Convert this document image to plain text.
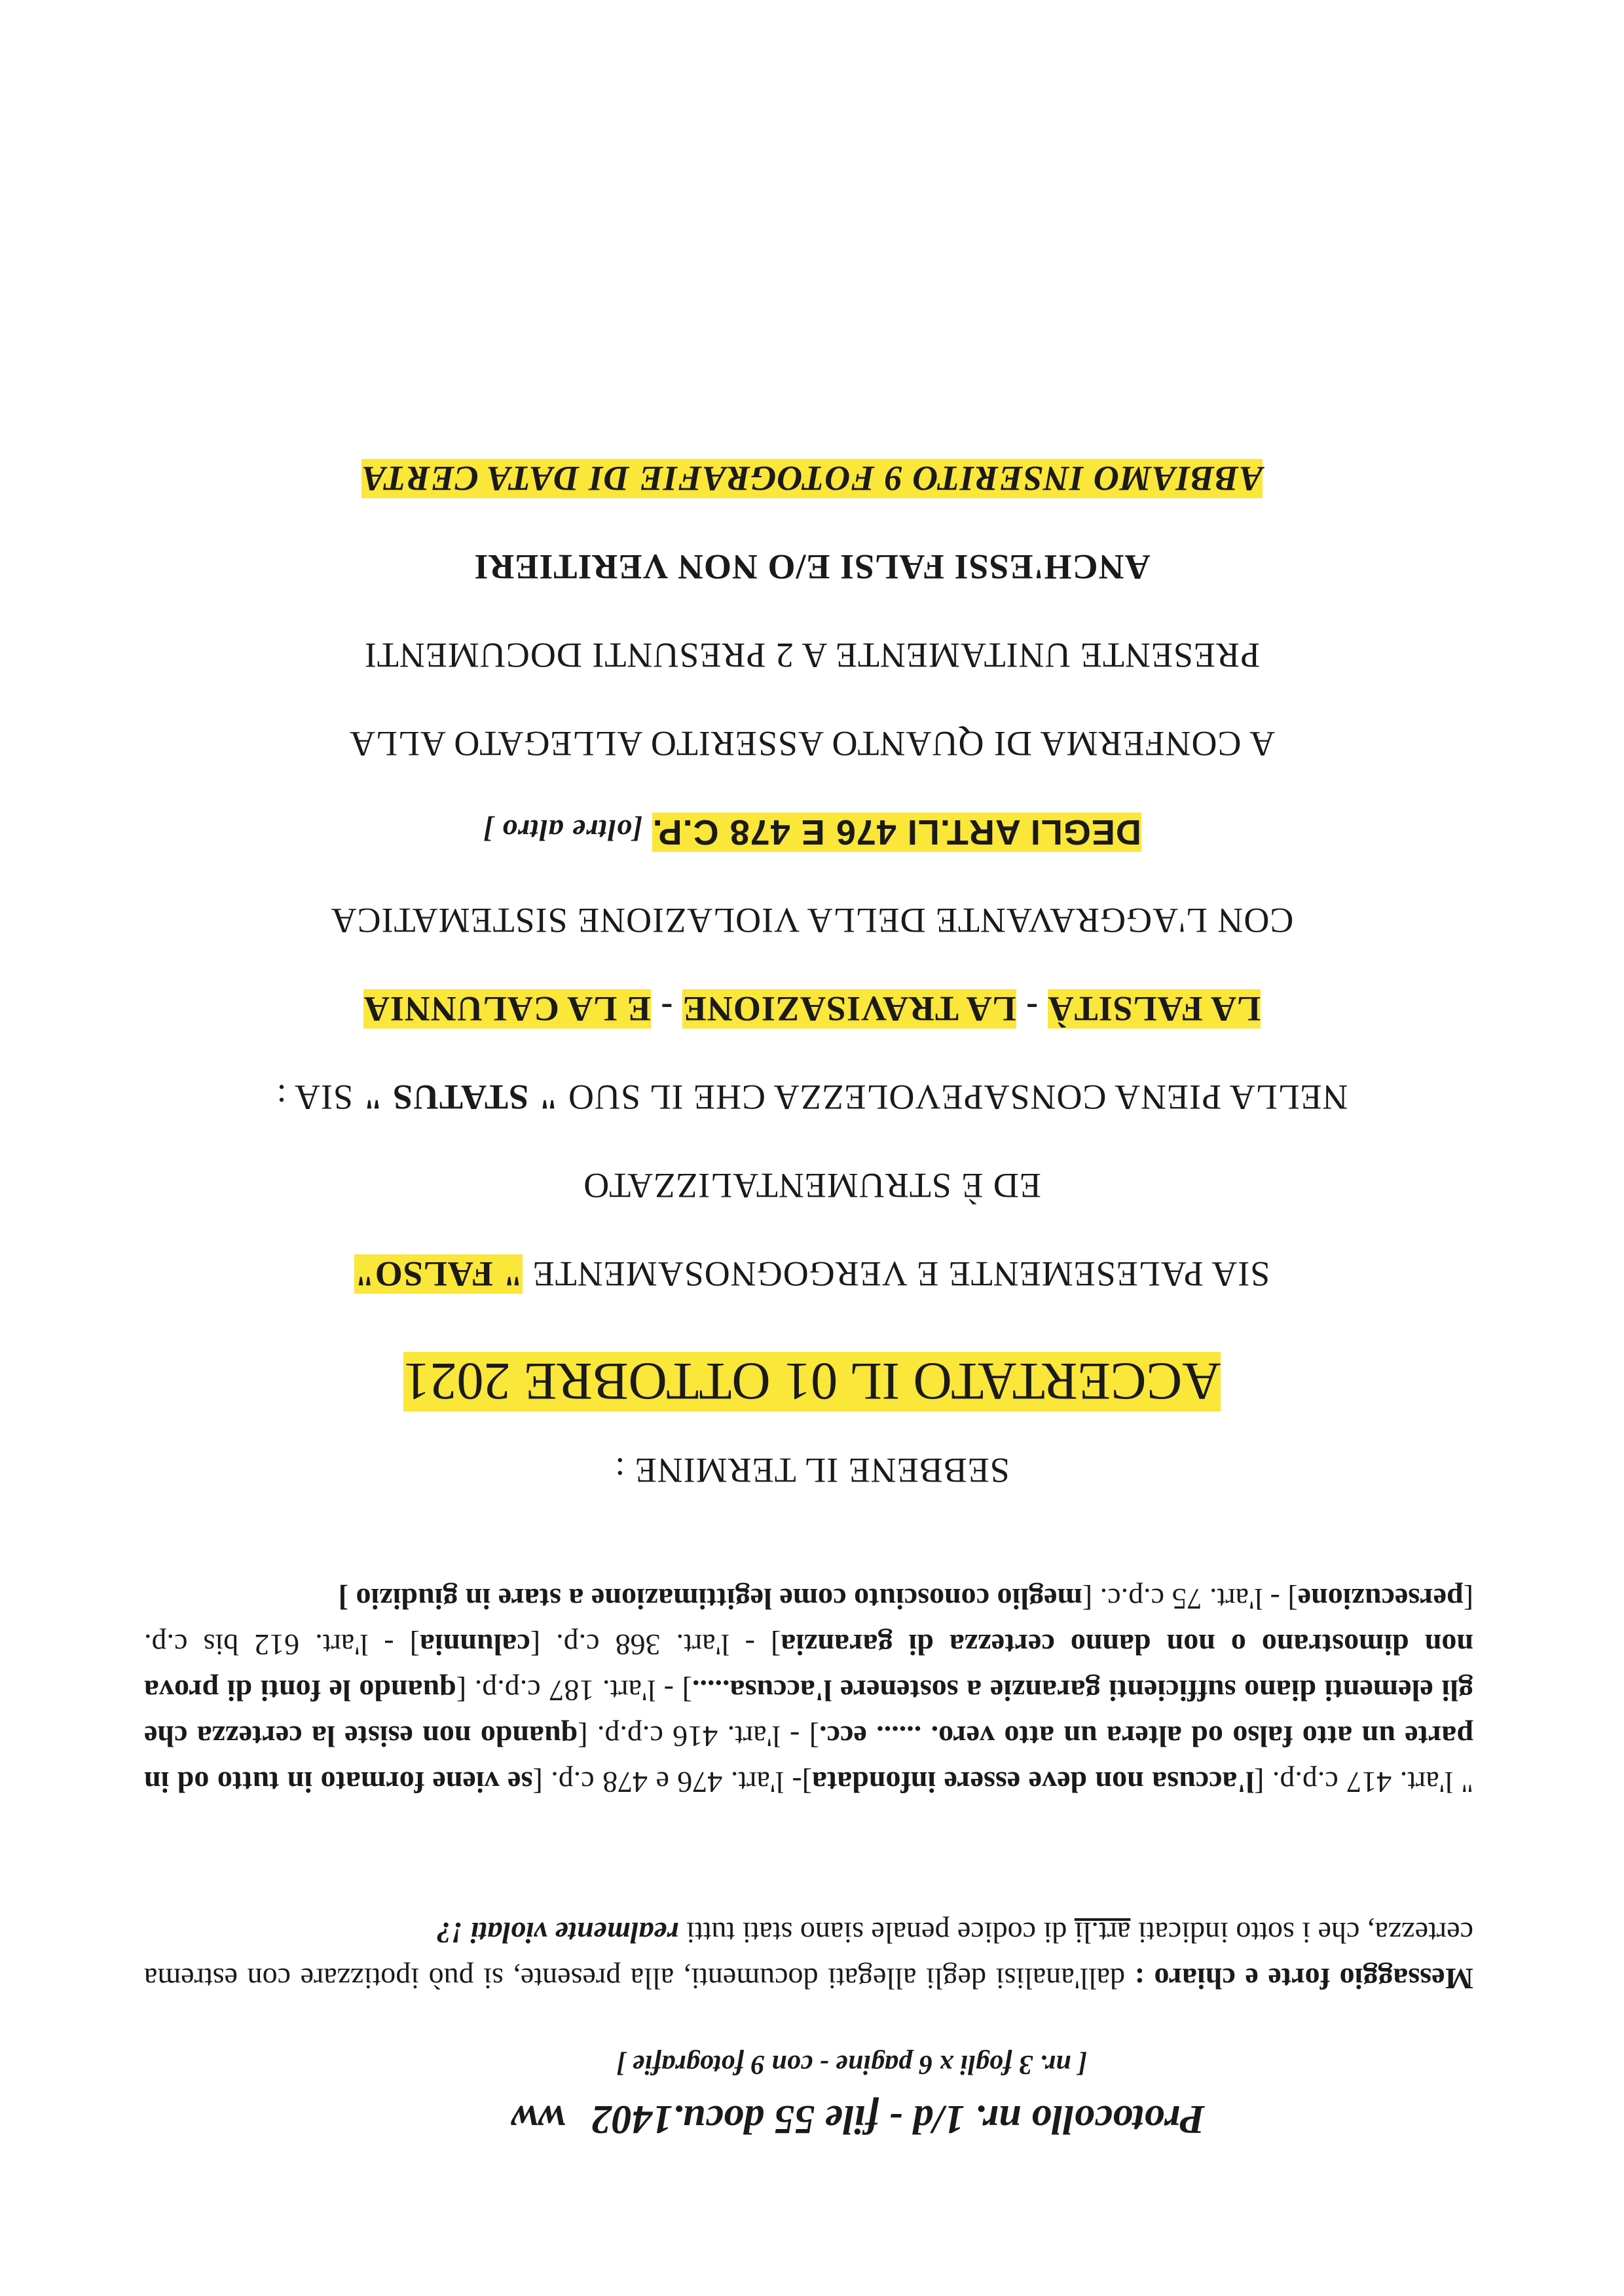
Protocollo nr. 1/d - file 55 docu.1402ww
[ nr. 3 fogli x 6 pagine - con 9 fotografie ]
Messaggio forte e chiaro : dall'analisi degli allegati documenti, alla presente, si può ipotizzare con estrema certezza, che i sotto indicati art.li di codice penale siano stati tutti realmente violati !?
" l'art. 417 c.p.p. [l'accusa non deve essere infondata]- l'art. 476 e 478 c.p. [se viene formato in tutto od in parte un atto falso od altera un atto vero. ...... ecc.] - l'art. 416 c.p.p. [quando non esiste la certezza che gli elementi diano sufficienti garanzie a sostenere l'accusa.....] - l'art. 187 c.p.p. [quando le fonti di prova non dimostrano o non danno certezza di garanzia] - l'art. 368 c.p. [calunnia] - l'art. 612 bis c.p. [persecuzione] - l'art. 75 c.p.c. [meglio conosciuto come legittimazione a stare in giudizio ]
SEBBENE IL TERMINE :
ACCERTATO IL 01 OTTOBRE 2021
SIA PALESEMENTE E VERGOGNOSAMENTE " FALSO"
ED È STRUMENTALIZZATO
NELLA PIENA CONSAPEVOLEZZA CHE IL SUO " STATUS " SIA :
LA FALSITÀ - LA TRAVISAZIONE - E LA CALUNNIA
CON L'AGGRAVANTE DELLA VIOLAZIONE SISTEMATICA
DEGLI ART.LI 476 E 478 C.P. [oltre altro ]
A CONFERMA DI QUANTO ASSERITO ALLEGATO ALLA
PRESENTE UNITAMENTE A 2 PRESUNTI DOCUMENTI
ANCH'ESSI FALSI E/O NON VERITIERI
ABBIAMO INSERITO 9 FOTOGRAFIE DI DATA CERTA
